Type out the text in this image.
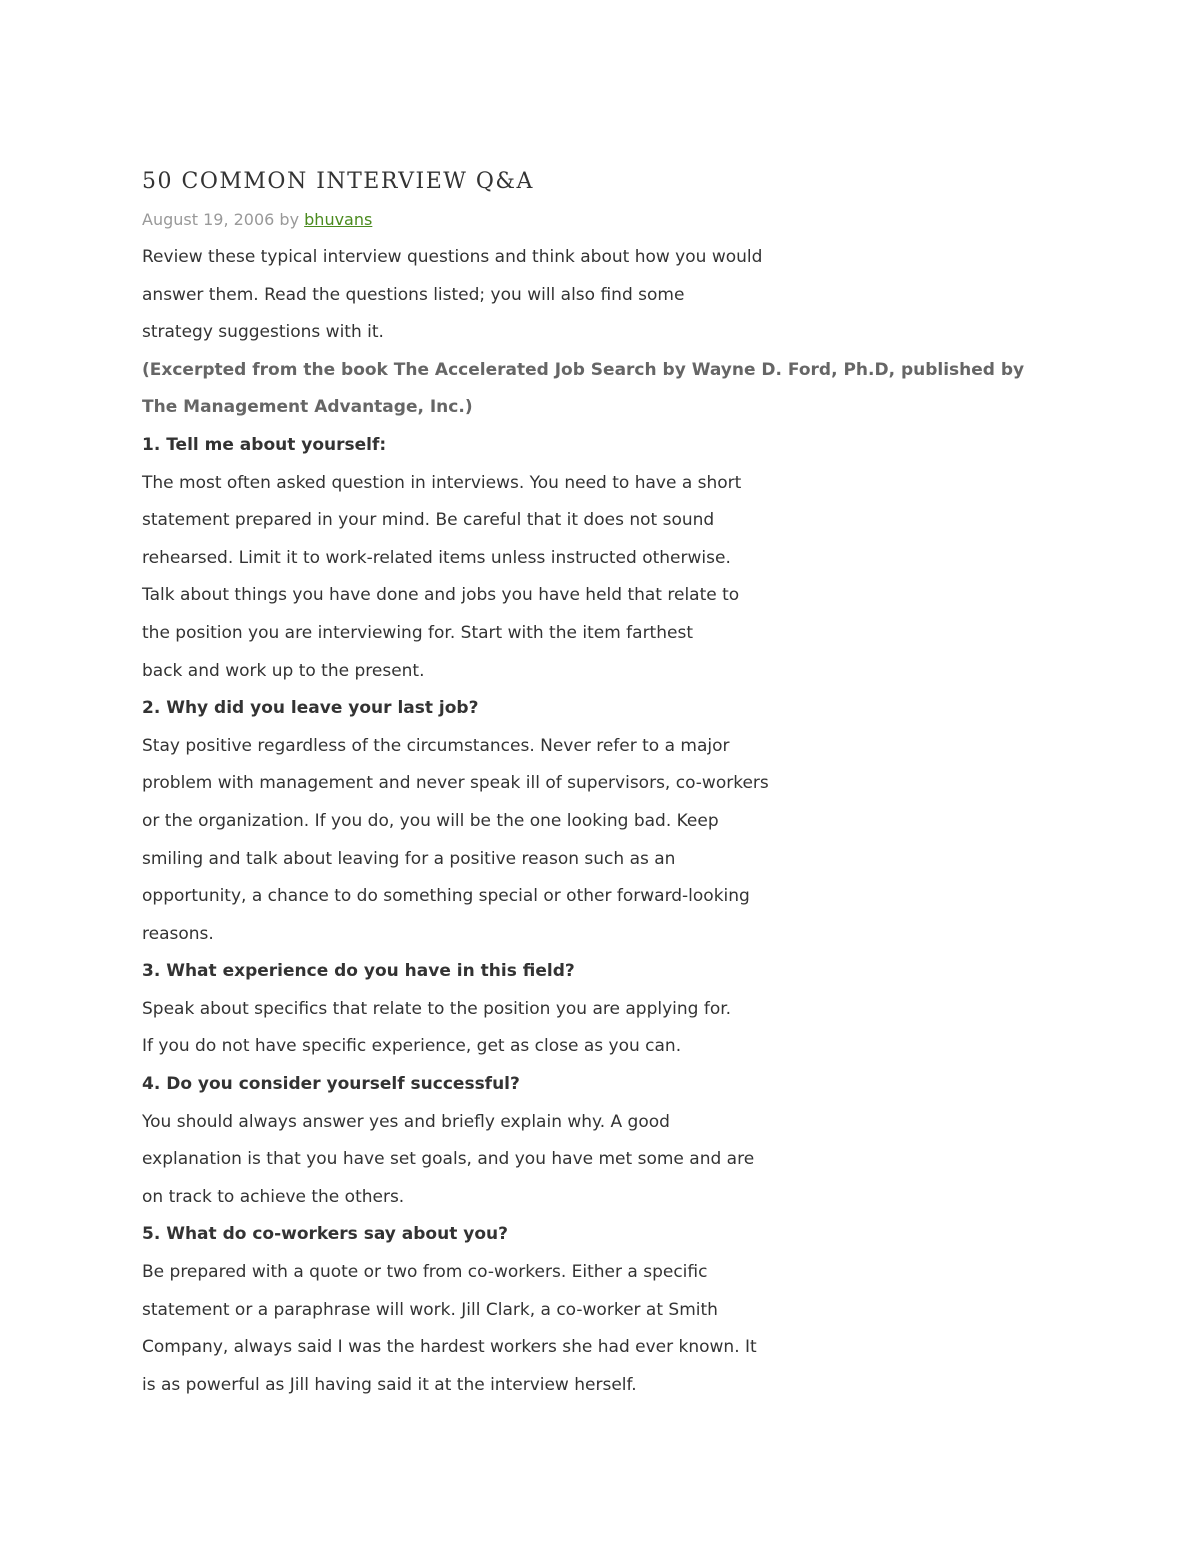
50 COMMON INTERVIEW Q&A
August 19, 2006 by bhuvans
Review these typical interview questions and think about how you would
answer them. Read the questions listed; you will also find some
strategy suggestions with it.
(Excerpted from the book The Accelerated Job Search by Wayne D. Ford, Ph.D, published by
The Management Advantage, Inc.)
1. Tell me about yourself:
The most often asked question in interviews. You need to have a short
statement prepared in your mind. Be careful that it does not sound
rehearsed. Limit it to work-related items unless instructed otherwise.
Talk about things you have done and jobs you have held that relate to
the position you are interviewing for. Start with the item farthest
back and work up to the present.
2. Why did you leave your last job?
Stay positive regardless of the circumstances. Never refer to a major
problem with management and never speak ill of supervisors, co-workers
or the organization. If you do, you will be the one looking bad. Keep
smiling and talk about leaving for a positive reason such as an
opportunity, a chance to do something special or other forward-looking
reasons.
3. What experience do you have in this field?
Speak about specifics that relate to the position you are applying for.
If you do not have specific experience, get as close as you can.
4. Do you consider yourself successful?
You should always answer yes and briefly explain why. A good
explanation is that you have set goals, and you have met some and are
on track to achieve the others.
5. What do co-workers say about you?
Be prepared with a quote or two from co-workers. Either a specific
statement or a paraphrase will work. Jill Clark, a co-worker at Smith
Company, always said I was the hardest workers she had ever known. It
is as powerful as Jill having said it at the interview herself.
